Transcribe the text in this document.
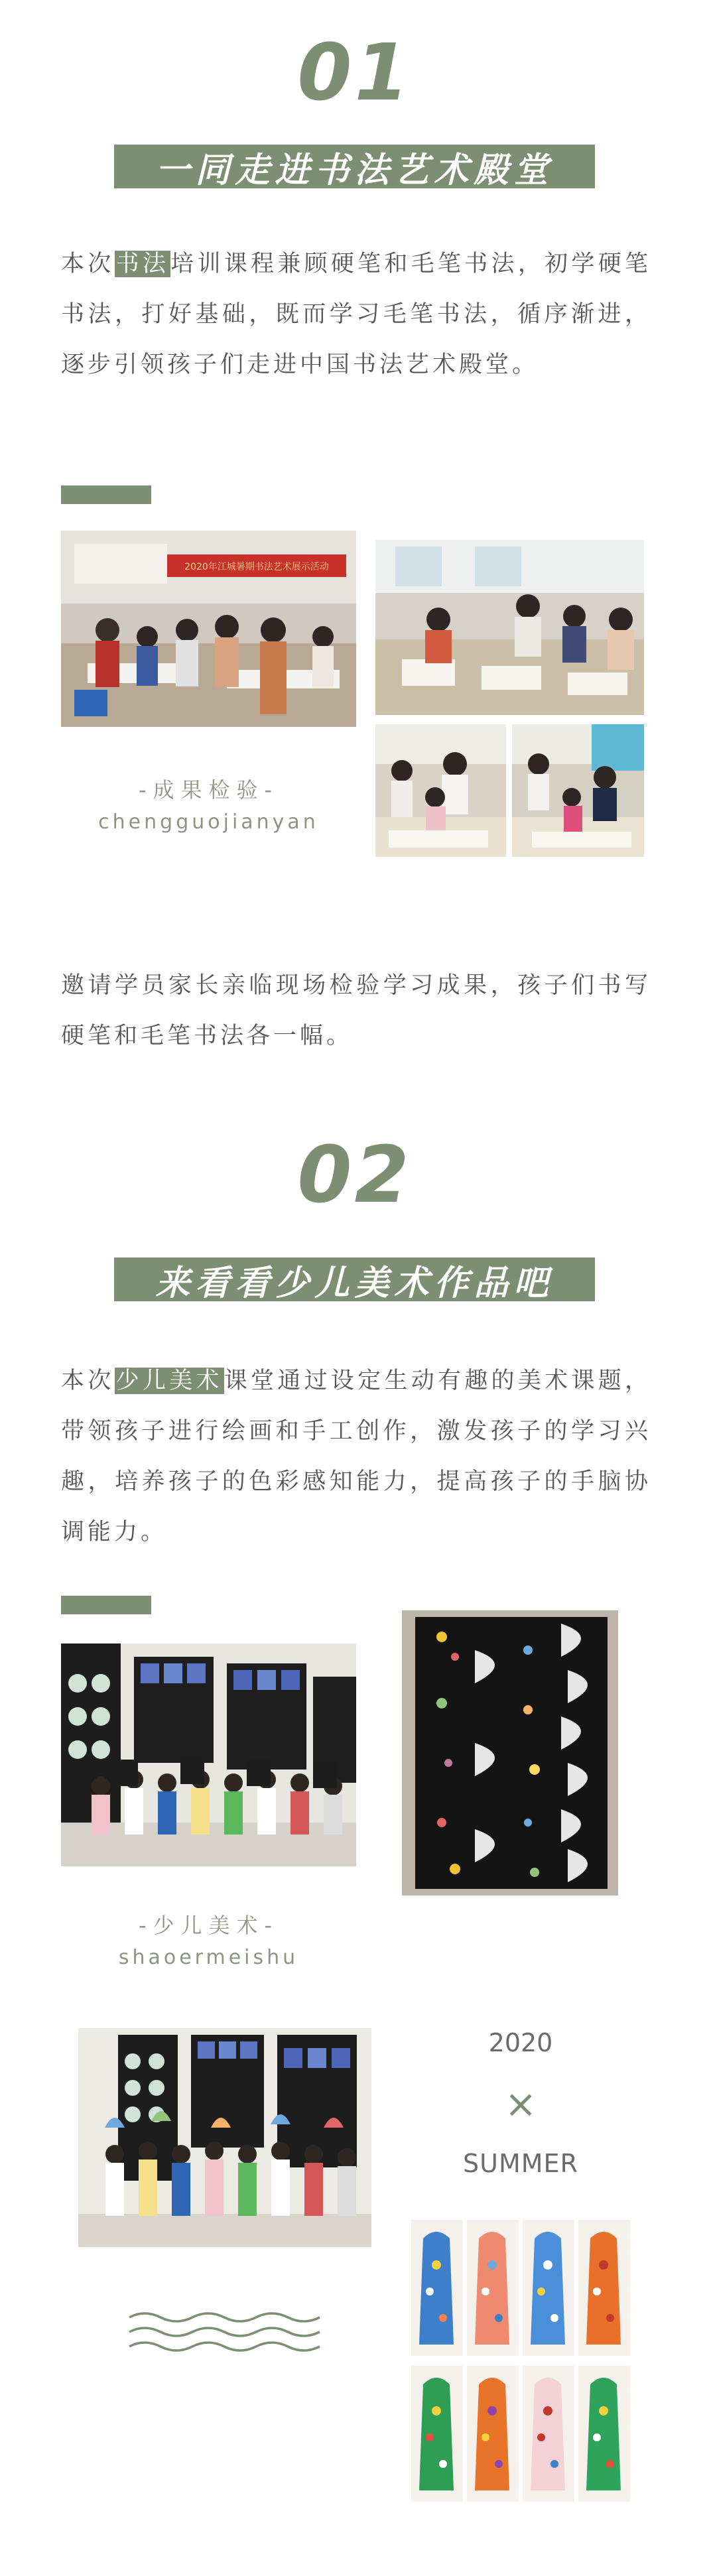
01
一同走进书法艺术殿堂
本次书法培训课程兼顾硬笔和毛笔书法，初学硬笔书法，打好基础，既而学习毛笔书法，循序渐进，逐步引领孩子们走进中国书法艺术殿堂。
2020年江城暑期书法艺术展示活动
-成果检验-
chengguojianyan
邀请学员家长亲临现场检验学习成果，孩子们书写硬笔和毛笔书法各一幅。
02
来看看少儿美术作品吧
本次少儿美术课堂通过设定生动有趣的美术课题，带领孩子进行绘画和手工创作，激发孩子的学习兴趣，培养孩子的色彩感知能力，提高孩子的手脑协调能力。
-少儿美术-
shaoermeishu
2020
×
SUMMER
